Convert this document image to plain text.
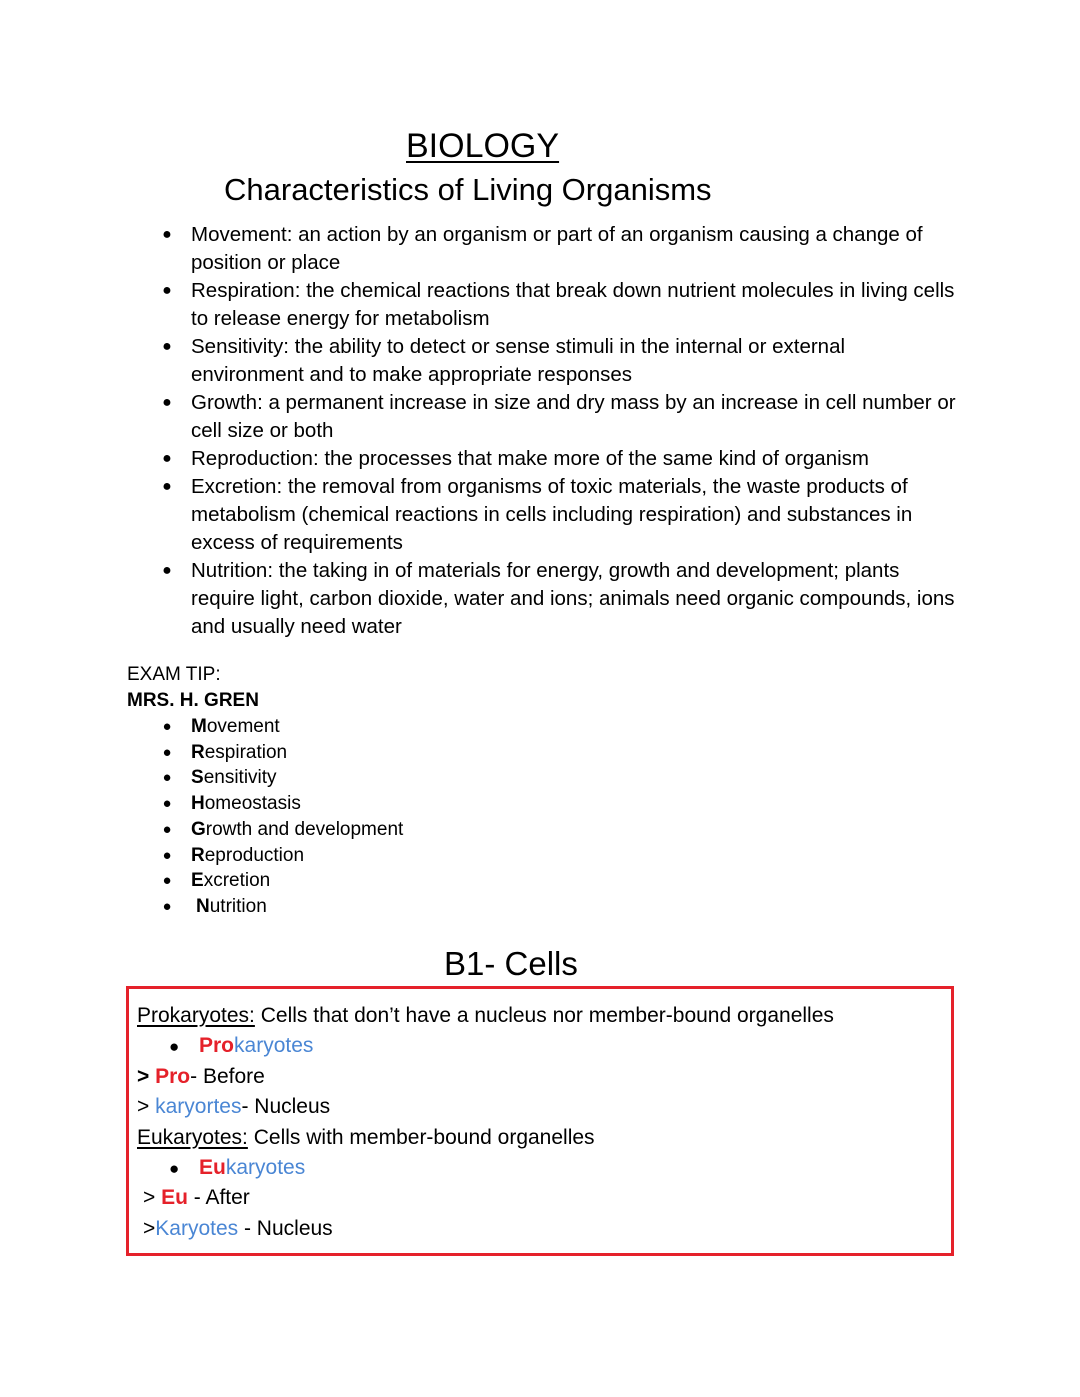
BIOLOGY
Characteristics of Living Organisms
● Movement: an action by an organism or part of an organism causing a change of position or place
● Respiration: the chemical reactions that break down nutrient molecules in living cells to release energy for metabolism
● Sensitivity: the ability to detect or sense stimuli in the internal or external environment and to make appropriate responses
● Growth: a permanent increase in size and dry mass by an increase in cell number or cell size or both
● Reproduction: the processes that make more of the same kind of organism
● Excretion: the removal from organisms of toxic materials, the waste products of metabolism (chemical reactions in cells including respiration) and substances in excess of requirements
● Nutrition: the taking in of materials for energy, growth and development; plants require light, carbon dioxide, water and ions; animals need organic compounds, ions and usually need water
EXAM TIP:
MRS. H. GREN
● Movement
● Respiration
● Sensitivity
● Homeostasis
● Growth and development
● Reproduction
● Excretion
● Nutrition
B1- Cells
Prokaryotes: Cells that don’t have a nucleus nor member-bound organelles
● Prokaryotes
> Pro- Before
> karyortes- Nucleus
Eukaryotes: Cells with member-bound organelles
● Eukaryotes
> Eu - After
>Karyotes - Nucleus
